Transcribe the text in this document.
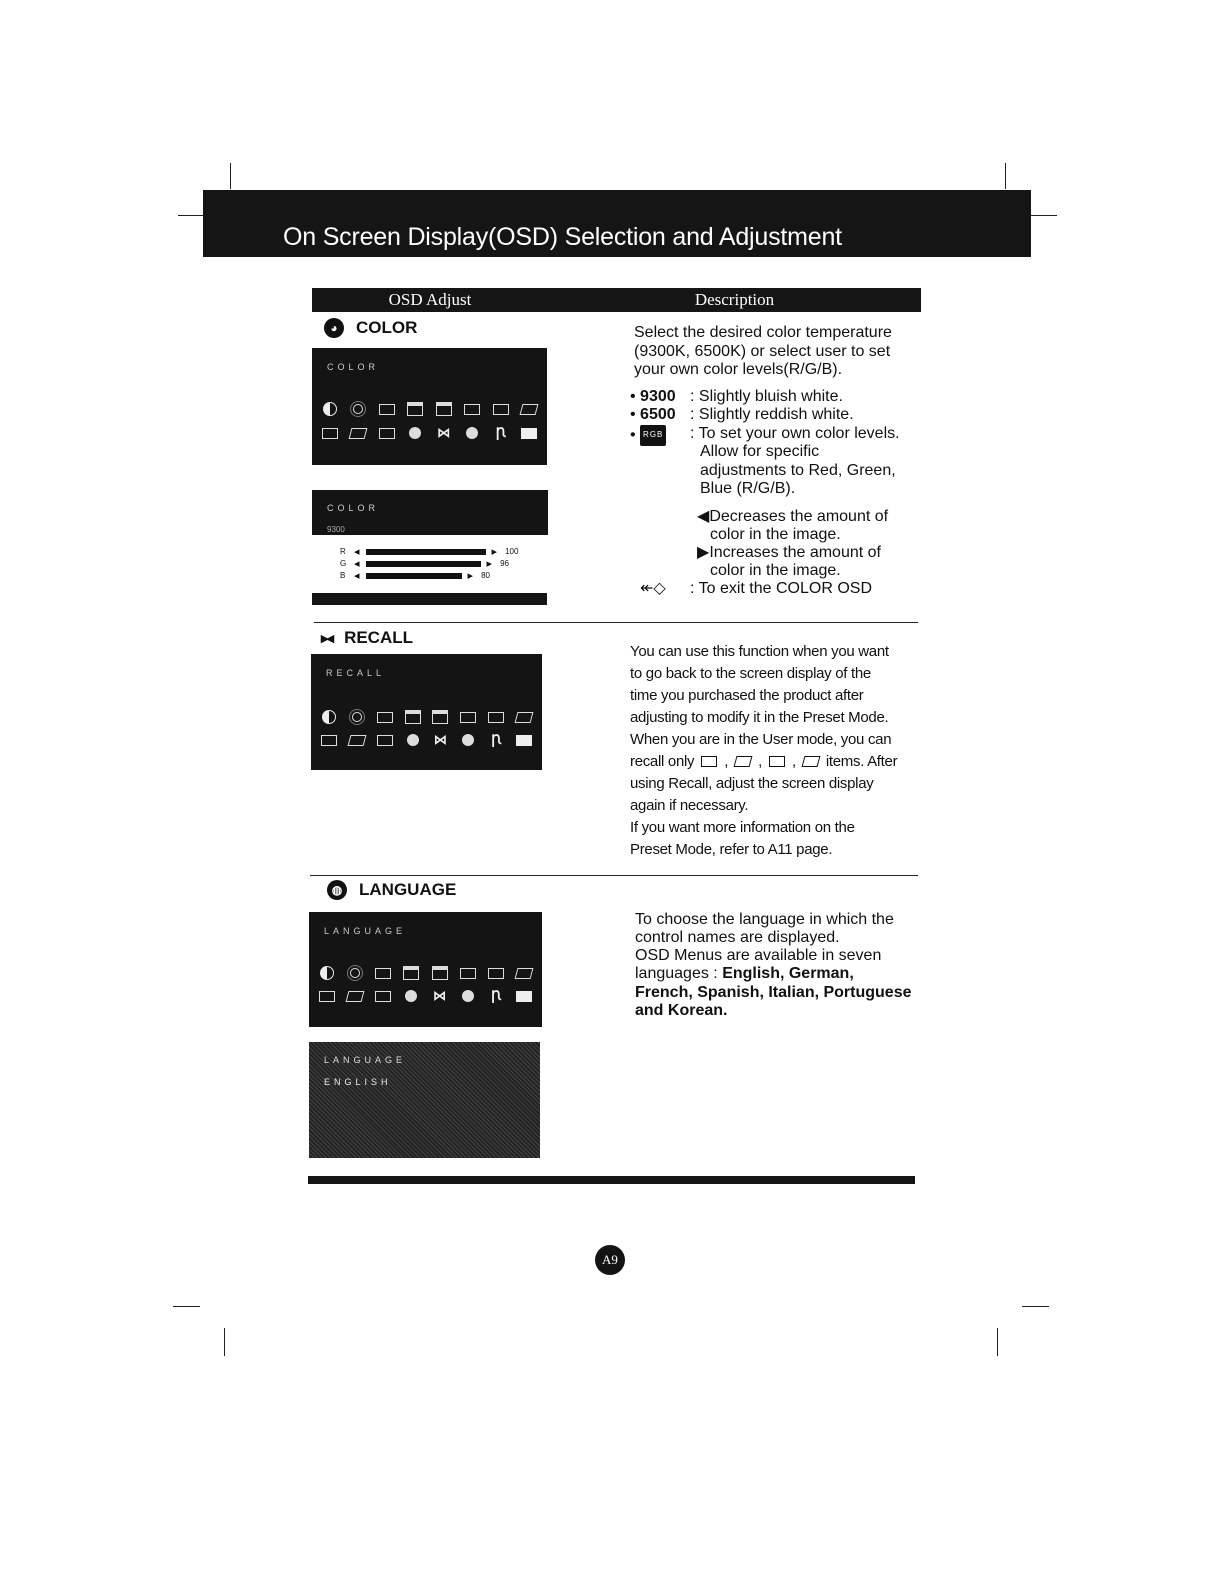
On Screen Display(OSD) Selection and Adjustment
OSD Adjust	Description
◕	COLOR
COLOR
⋈	Ꞃ
COLOR
9300
R ◂	▸ 100
G ◂	▸ 96
B ◂	▸ 80
Select the desired color temperature (9300K, 6500K) or select user to set your own color levels(R/G/B).
• 9300 : Slightly bluish white.
• 6500 : Slightly reddish white.
• RGB : To set your own color levels.
Allow for specific
adjustments to Red, Green,
Blue (R/G/B).
◀Decreases the amount of
color in the image.
▶Increases the amount of
color in the image.
↞◇ : To exit the COLOR OSD
▸◂ RECALL
RECALL
⋈	Ꞃ
You can use this function when you want
to go back to the screen display of the
time you purchased the product after
adjusting to modify it in the Preset Mode.
When you are in the User mode, you can
recall only , , , items. After
using Recall, adjust the screen display
again if necessary.
If you want more information on the
Preset Mode, refer to A11 page.
◍ LANGUAGE
LANGUAGE
⋈	Ꞃ
LANGUAGE
ENGLISH
To choose the language in which the
control names are displayed.
OSD Menus are available in seven
languages : English, German,
French, Spanish, Italian, Portuguese
and Korean.
A9
